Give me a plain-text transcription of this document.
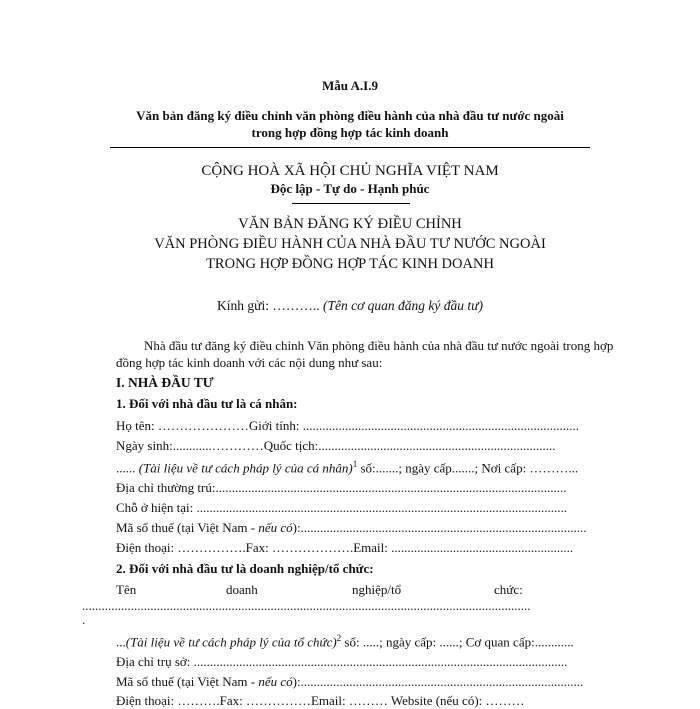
Mẫu A.I.9
Văn bản đăng ký điều chỉnh văn phòng điều hành của nhà đầu tư nước ngoài
trong hợp đồng hợp tác kinh doanh
CỘNG HOÀ XÃ HỘI CHỦ NGHĨA VIỆT NAM
Độc lập - Tự do - Hạnh phúc
VĂN BẢN ĐĂNG KÝ ĐIỀU CHỈNH
VĂN PHÒNG ĐIỀU HÀNH CỦA NHÀ ĐẦU TƯ NƯỚC NGOÀI
TRONG HỢP ĐỒNG HỢP TÁC KINH DOANH
Kính gửi: ……….. (Tên cơ quan đăng ký đầu tư)
Nhà đầu tư đăng ký điều chỉnh Văn phòng điều hành của nhà đầu tư nước ngoài trong hợp
đồng hợp tác kinh doanh với các nội dung như sau:
I. NHÀ ĐẦU TƯ
1. Đối với nhà đầu tư là cá nhân:
Họ tên: …………………Giới tính: .....................................................................................
Ngày sinh:............…………Quốc tịch:.........................................................................
...... (Tài liệu về tư cách pháp lý của cá nhân)$^1$ số:.......; ngày cấp.......; Nơi cấp: ………...
Địa chỉ thường trú:............................................................................................................
Chỗ ở hiện tại: ..................................................................................................................
Mã số thuế (tại Việt Nam - nếu có):........................................................................................
Điện thoại: …………….Fax: ……………….Email: ........................................................
2. Đối với nhà đầu tư là doanh nghiệp/tổ chức:
Tên	doanh	nghiệp/tổ	chức:
..........................................................................................................................................
.
...(Tài liệu về tư cách pháp lý của tổ chức)$^2$ số: .....; ngày cấp: ......; Cơ quan cấp:............
Địa chỉ trụ sở: ...................................................................................................................
Mã số thuế (tại Việt Nam - nếu có):.......................................................................................
Điện thoại: ……….Fax: ……………Email: ……… Website (nếu có): ………
